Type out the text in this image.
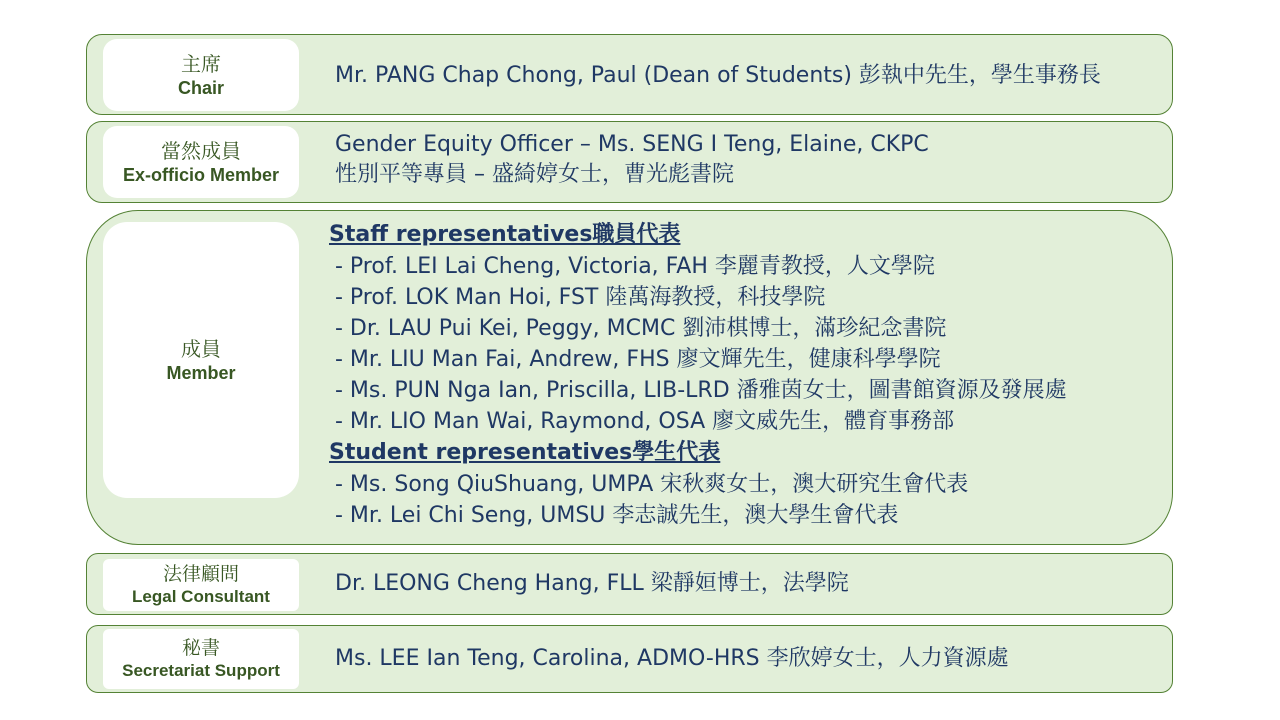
主席
Chair	Mr. PANG Chap Chong, Paul (Dean of Students) 彭執中先生，學生事務長
當然成員
Ex-officio Member
Gender Equity Officer – Ms. SENG I Teng, Elaine, CKPC
性別平等專員 – 盛綺婷女士，曹光彪書院
成員
Member
Staff representatives職員代表
- Prof. LEI Lai Cheng, Victoria, FAH 李麗青教授，人文學院
- Prof. LOK Man Hoi, FST 陸萬海教授，科技學院
- Dr. LAU Pui Kei, Peggy, MCMC 劉沛棋博士，滿珍紀念書院
- Mr. LIU Man Fai, Andrew, FHS 廖文輝先生，健康科學學院
- Ms. PUN Nga Ian, Priscilla, LIB-LRD 潘雅茵女士，圖書館資源及發展處
- Mr. LIO Man Wai, Raymond, OSA 廖文威先生，體育事務部
Student representatives學生代表
- Ms. Song QiuShuang, UMPA 宋秋爽女士，澳大研究生會代表
- Mr. Lei Chi Seng, UMSU 李志誠先生，澳大學生會代表
法律顧問
Legal Consultant
Dr. LEONG Cheng Hang, FLL 梁靜姮博士，法學院
秘書
Secretariat Support	Ms. LEE Ian Teng, Carolina, ADMO-HRS 李欣婷女士，人力資源處
